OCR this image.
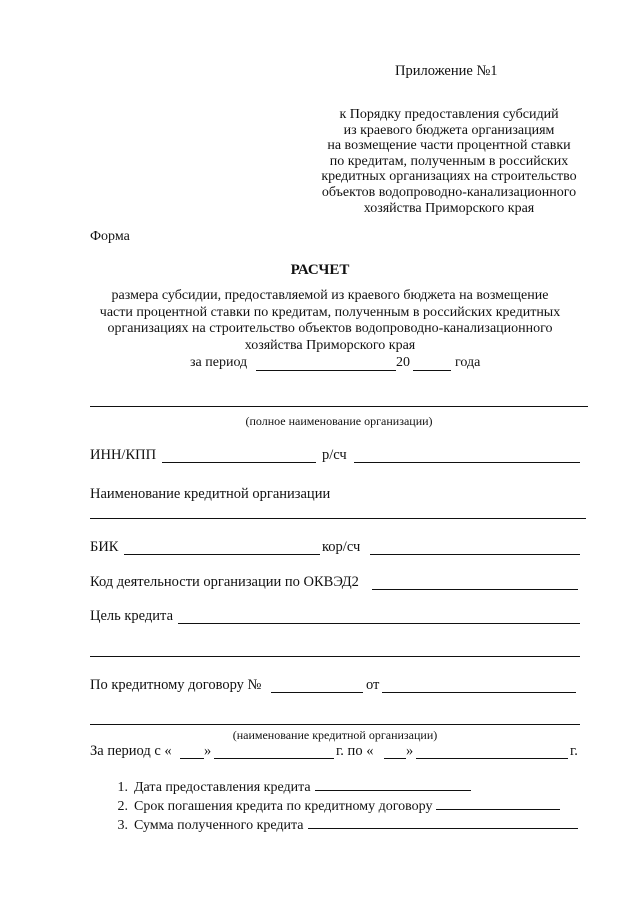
Приложение №1
к Порядку предоставления субсидий
из краевого бюджета организациям
на возмещение части процентной ставки
по кредитам, полученным в российских
кредитных организациях на строительство
объектов водопроводно-канализационного
хозяйства Приморского края
Форма
РАСЧЕТ
размера субсидии, предоставляемой из краевого бюджета на возмещение
части процентной ставки по кредитам, полученным в российских кредитных
организациях на строительство объектов водопроводно-канализационного
хозяйства Приморского края
за период	20	года
(полное наименование организации)
ИНН/КПП	р/сч
Наименование кредитной организации
БИК	кор/сч
Код деятельности организации по ОКВЭД2
Цель кредита
По кредитному договору №	от
(наименование кредитной организации)
За период с « »	г. по « »	г.
1. Дата предоставления кредита
2. Срок погашения кредита по кредитному договору
3. Сумма полученного кредита
